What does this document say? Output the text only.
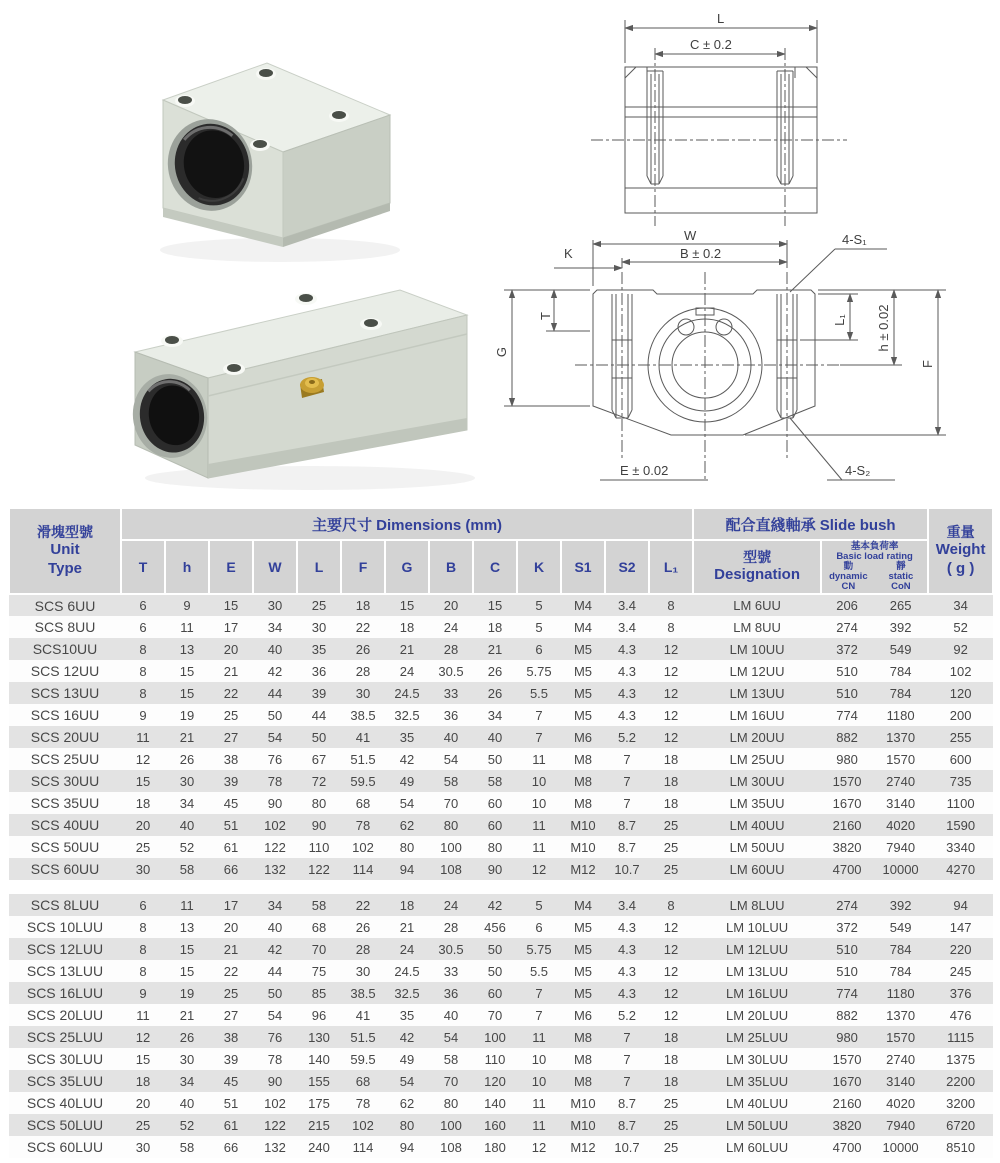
L
C ± 0.2
W
B ± 0.2
K
4-S₁
T
G
L₁ h ± 0.02
F
E ± 0.02	4-S₂
滑塊型號
Unit
Type	主要尺寸 Dimensions (mm)													配合直綫軸承 Slide bush			重量
Weight
( g )

T	h	E	W	L	F	G	B	C	K	S1	S2	L₁	
型號
Designation

基本負荷率
Basic load rating
動
dynamic
CN
靜
static
CoN

SCS 6UU	6	9	15	30	25	18	15	20	15	5	M4	3.4	8	LM 6UU	206	265	34
SCS 8UU	6	11	17	34	30	22	18	24	18	5	M4	3.4	8	LM 8UU	274	392	52
SCS10UU	8	13	20	40	35	26	21	28	21	6	M5	4.3	12	LM 10UU	372	549	92
SCS 12UU	8	15	21	42	36	28	24	30.5	26	5.75	M5	4.3	12	LM 12UU	510	784	102
SCS 13UU	8	15	22	44	39	30	24.5	33	26	5.5	M5	4.3	12	LM 13UU	510	784	120
SCS 16UU	9	19	25	50	44	38.5	32.5	36	34	7	M5	4.3	12	LM 16UU	774	1180	200
SCS 20UU	11	21	27	54	50	41	35	40	40	7	M6	5.2	12	LM 20UU	882	1370	255
SCS 25UU	12	26	38	76	67	51.5	42	54	50	11	M8	7	18	LM 25UU	980	1570	600
SCS 30UU	15	30	39	78	72	59.5	49	58	58	10	M8	7	18	LM 30UU	1570	2740	735
SCS 35UU	18	34	45	90	80	68	54	70	60	10	M8	7	18	LM 35UU	1670	3140	1100
SCS 40UU	20	40	51	102	90	78	62	80	60	11	M10	8.7	25	LM 40UU	2160	4020	1590
SCS 50UU	25	52	61	122	110	102	80	100	80	11	M10	8.7	25	LM 50UU	3820	7940	3340
SCS 60UU	30	58	66	132	122	114	94	108	90	12	M12	10.7	25	LM 60UU	4700	10000	4270

SCS 8LUU	6	11	17	34	58	22	18	24	42	5	M4	3.4	8	LM 8LUU	274	392	94
SCS 10LUU	8	13	20	40	68	26	21	28	456	6	M5	4.3	12	LM 10LUU	372	549	147
SCS 12LUU	8	15	21	42	70	28	24	30.5	50	5.75	M5	4.3	12	LM 12LUU	510	784	220
SCS 13LUU	8	15	22	44	75	30	24.5	33	50	5.5	M5	4.3	12	LM 13LUU	510	784	245
SCS 16LUU	9	19	25	50	85	38.5	32.5	36	60	7	M5	4.3	12	LM 16LUU	774	1180	376
SCS 20LUU	11	21	27	54	96	41	35	40	70	7	M6	5.2	12	LM 20LUU	882	1370	476
SCS 25LUU	12	26	38	76	130	51.5	42	54	100	11	M8	7	18	LM 25LUU	980	1570	1115
SCS 30LUU	15	30	39	78	140	59.5	49	58	110	10	M8	7	18	LM 30LUU	1570	2740	1375
SCS 35LUU	18	34	45	90	155	68	54	70	120	10	M8	7	18	LM 35LUU	1670	3140	2200
SCS 40LUU	20	40	51	102	175	78	62	80	140	11	M10	8.7	25	LM 40LUU	2160	4020	3200
SCS 50LUU	25	52	61	122	215	102	80	100	160	11	M10	8.7	25	LM 50LUU	3820	7940	6720
SCS 60LUU	30	58	66	132	240	114	94	108	180	12	M12	10.7	25	LM 60LUU	4700	10000	8510
